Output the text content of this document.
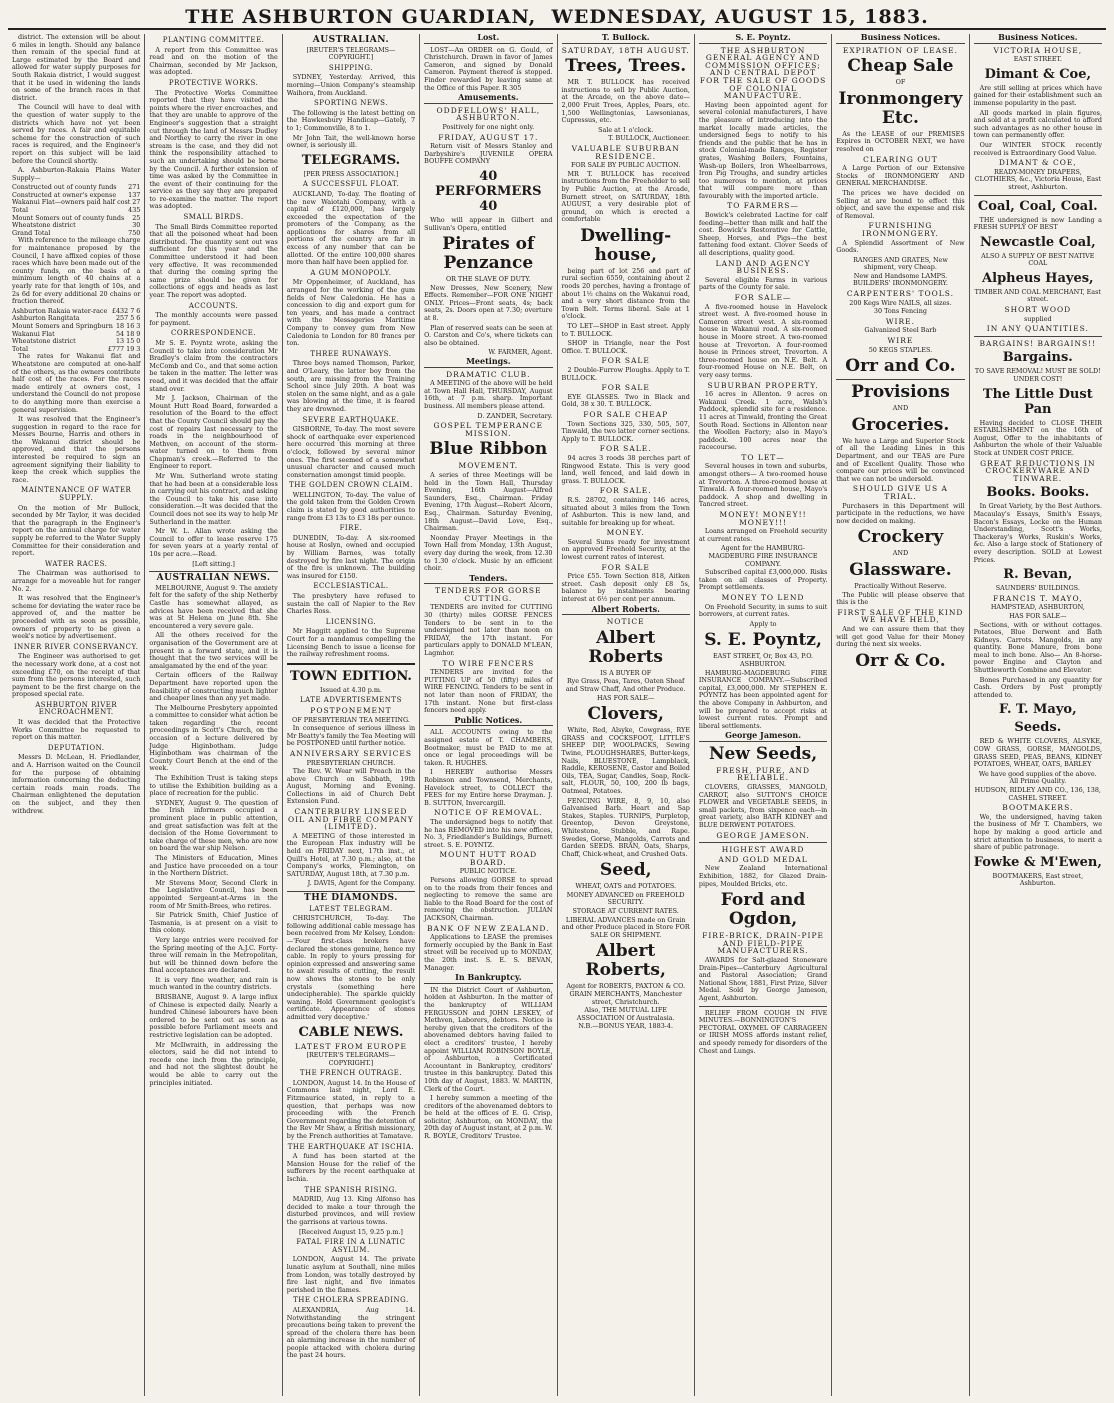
THE ASHBURTON GUARDIAN,
WEDNESDAY, AUGUST 15, 1883.

district. The extension will be about 6 miles in length. Should any balance then remain of the special fund at Large estimated by the Board and allowed for water supply purposes for South Rakaia district, I would suggest that it be used in widening the lands on some of the branch races in that district.

The Council will have to deal with the question of water supply to the districts which have not yet been served by races. A fair and equitable scheme for the construction of such races is required, and the Engineer's report on this subject will be laid before the Council shortly.

A. Ashburton-Rakaia Plains Water Supply—

Constructed out of county funds 271
Constructed at owner's expense 137
Wakanui Flat—owners paid half cost 27
Total	435
Mount Somers out of county funds 25
Wheatstone district	30
Grand Total	750

With reference to the mileage charge for maintenance proposed by the Council, I have affixed copies of those races which have been made out of the county funds, on the basis of a minimum length of 40 chains at a yearly rate for that length of 10s, and 2s 6d for every additional 20 chains or fraction thereof.

Ashburton Rakaia water-race £432 7 6
Ashburton Rangitata	257 5 6
Mount Somers and Springburn 18 16 3
Wakanui Flat	54 18 9
Wheatstone district	13 15 0
Total	£777 19 3

The rates for Wakanui flat and Wheatstone are computed at one-half of the others, as the owners contribute half cost of the races. For the races made entirely at owners cost, I understand the Council do not propose to do anything more than exercise a general supervision.

It was resolved that the Engineer's suggestion in regard to the race for Messrs Bourne, Harris and others in the Wakanui district should be approved, and that the persons interested be required to sign an agreement signifying their liability to keep the creek which supplies the race.

MAINTENANCE OF WATER SUPPLY.

On the motion of Mr Bullock, seconded by Mr Taylor, it was decided that the paragraph in the Engineer's report on the annual charge for water supply be referred to the Water Supply Committee for their consideration and report.

WATER RACES.

The Chairman was authorised to arrange for a moveable hut for ranger No. 2.

It was resolved that the Engineer's scheme for deviating the water race be approved of, and the matter be proceeded with as soon as possible, owners of property to be given a week's notice by advertisement.

INNER RIVER CONSERVANCY.

The Engineer was authorised to get the necessary work done, at a cost not exceeding £70, on the receipt of that sum from the persons interested, such payment to be the first charge on the proposed special rate.

ASHBURTON RIVER ENCROACHMENT.

It was decided that the Protective Works Committee be requested to report on this matter.

DEPUTATION.

Messrs D. McLean, H. Friedlander, and A. Harrison waited on the Council for the purpose of obtaining information concerning the deducting certain roads main roads. The Chairman enlightened the deputation on the subject, and they then withdrew.

PLANTING COMMITTEE.

A report from this Committee was read and on the motion of the Chairman, seconded by Mr Jackson, was adopted.

PROTECTIVE WORKS.

The Protective Works Committee reported that they have visited the points where the river encroaches, and that they are unable to approve of the Engineer's suggestion that a straight cut through the land of Messrs Dudley and Northey to carry the river in one stream is the case, and they did not think the responsibility attached to such an undertaking should be borne by the Council. A further extension of time was asked by the Committee in the event of their continuing for the service as they say they are prepared to re-examine the matter. The report was adopted.

SMALL BIRDS.

The Small Birds Committee reported that all the poisoned wheat had been distributed. The quantity sent out was sufficient for this year and the Committee understood it had been very effective. It was recommended that during the coming spring the same prize should be given for collections of eggs and heads as last year. The report was adopted.

ACCOUNTS.

The monthly accounts were passed for payment.

CORRESPONDENCE.

Mr S. E. Poyntz wrote, asking the Council to take into consideration Mr Bradley's claim from the contractors McComb and Co., and that some action be taken in the matter. The letter was read, and it was decided that the affair stand over.

Mr J. Jackson, Chairman of the Mount Hutt Road Board, forwarded a resolution of the Board to the effect that the County Council should pay the cost of repairs last necessary to the roads in the neighbourhood of Methven, on account of the storm-water turned on to them from Chapman's creek.—Referred to the Engineer to report.

Mr Wm. Sutherland wrote stating that he had been at a considerable loss in carrying out his contract, and asking the Council to take his case into consideration.—It was decided that the Council does not see its way to help Mr Sutherland in the matter.

Mr W. L. Allan wrote asking the Council to offer to lease reserve 175 for seven years at a yearly rental of 10s per acre.—Read.

[Left sitting.]
AUSTRALIAN NEWS.

MELBOURNE, August 9. The anxiety felt for the safety of the ship Netherby Castle has somewhat allayed, as advices have been received that she was at St Helena on June 8th. She encountered a very severe gale.

All the others received for the organisation of the Government are at present in a forward state, and it is thought that the two services will be amalgamated by the end of the year.

Certain officers of the Railway Department have reported upon the feasibility of constructing much lighter and cheaper lines than any yet made.

The Melbourne Presbytery appointed a committee to consider what action be taken regarding the recent proceedings in Scott's Church, on the occasion of a lecture delivered by Judge Higinbotham. Judge Higinbotham was chairman of the County Court Bench at the end of the week.

The Exhibition Trust is taking steps to utilise the Exhibition building as a place of recreation for the public.

SYDNEY, August 9. The question of the Irish informers occupied a prominent place in public attention, and great satisfaction was felt at the decision of the Home Government to take charge of these men, who are now on board the war ship Nelson.

The Ministers of Education, Mines and Justice have proceeded on a tour in the Northern District.

Mr Stevens Moor, Second Clerk in the Legislative Council, has been appointed Sergeant-at-Arms in the room of Mr Smith-Brees, who retires.

Sir Patrick Smith, Chief Justice of Tasmania, is at present on a visit to this colony.

Very large entries were received for the Spring meeting of the A.J.C. Forty-three will remain in the Metropolitan, but will be thinned down before the final acceptances are declared.

It is very fine weather, and rain is much wanted in the country districts.

BRISBANE, August 9. A large influx of Chinese is expected daily. Nearly a hundred Chinese labourers have been ordered to be sent out as soon as possible before Parliament meets and restrictive legislation can be adopted.

Mr McIlwraith, in addressing the electors, said he did not intend to recede one inch from the principle, and had not the slightest doubt he would be able to carry out the principles initiated.

AUSTRALIAN.
[REUTER'S TELEGRAMS—COPYRIGHT.]
SHIPPING.

SYDNEY, Yesterday. Arrived, this morning—Union Company's steamship Waihora, from Auckland.

SPORTING NEWS.

The following is the latest betting on the Hawkesbury Handicap—Gately, 7 to 1; Commonville, 8 to 1.

Mr John Tait, the well-known horse owner, is seriously ill.

TELEGRAMS.
[PER PRESS ASSOCIATION.]
A SUCCESSFUL FLOAT.

AUCKLAND, To-day. The floating of the new Waiotahi Company, with a capital of £120,000, has largely exceeded the expectation of the promoters of the Company, as the applications for shares from all portions of the country are far in excess of any number that can be allotted. Of the entire 100,000 shares more than half have been applied for.

A GUM MONOPOLY.

Mr Oppenheimer, of Auckland, has arranged for the working of the gum fields of New Caledonia. He has a concession to dig and export gum for ten years, and has made a contract with the Messageries Maritime Company to convey gum from New Caledonia to London for 80 francs per ton.

THREE RUNAWAYS.

Three boys named Thomson, Parker, and O'Leary, the latter boy from the south, are missing from the Training School since July 20th. A boat was stolen on the same night, and as a gale was blowing at the time, it is feared they are drowned.

SEVERE EARTHQUAKE.

GISBORNE, To-day. The most severe shock of earthquake ever experienced here occurred this morning at three o'clock, followed by several minor ones. The first seemed of a somewhat unusual character and caused much consternation amongst timid people.

THE GOLDEN CROWN CLAIM.

WELLINGTON, To-day. The value of the gold taken from the Golden Crown claim is stated by good authorities to range from £3 13s to £3 18s per ounce.

FIRE.

DUNEDIN, To-day. A six-roomed house at Roslyn, owned and occupied by William Barnes, was totally destroyed by fire last night. The origin of the fire is unknown. The building was insured for £150.

ECCLESIASTICAL.

The presbytery have refused to sustain the call of Napier to the Rev Charles Ross.

LICENSING.

Mr Haggitt applied to the Supreme Court for a mandamus compelling the Licensing Bench to issue a license for the railway refreshment rooms.

TOWN EDITION.
Issued at 4.30 p.m.
LATE ADVERTISEMENTS
POSTPONEMENT
OF PRESBYTERIAN TEA MEETING.

In consequence of serious illness in Mr Beatty's family the Tea Meeting will be POSTPONED until further notice.

ANNIVERSARY SERVICES
PRESBYTERIAN CHURCH.

The Rev. W. Wear will Preach in the above Church on Sabbath, 19th August, Morning and Evening. Collections in aid of Church Debt Extension Fund.

CANTERBURY LINSEED OIL AND FIBRE COMPANY (LIMITED).

A MEETING of those interested in the European Flax industry will be held on FRIDAY next, 17th inst., at Quill's Hotel, at 7.30 p.m.; also, at the Company's works, Flemington, on SATURDAY, August 18th, at 7.30 p.m.

J. DAVIS, Agent for the Company.
THE DIAMONDS.
LATEST TELEGRAM.

CHRISTCHURCH, To-day. The following additional cable message has been received from Mr Kelsey, London:—'Four first-class brokers have declared the stones genuine, hence my cable. In reply to yours pressing for opinion expressed and answering same to await results of cutting, the result now shows the stones to be only crystals (something here undecipherable). The sparkle quickly waning. Hold Government geologist's certificate. Appearance of stones admitted very deceptive.'

CABLE NEWS.
LATEST FROM EUROPE
[REUTER'S TELEGRAMS—COPYRIGHT.]
THE FRENCH OUTRAGE.

LONDON, August 14. In the House of Commons last night, Lord E. Fitzmaurice stated, in reply to a question, that perhaps was now proceeding with the French Government regarding the detention of the Rev Mr Shaw, a British missionary, by the French authorities at Tamatave.

THE EARTHQUAKE AT ISCHIA.

A fund has been started at the Mansion House for the relief of the sufferers by the recent earthquake at Ischia.

THE SPANISH RISING.

MADRID, Aug 13. King Alfonso has decided to make a tour through the disturbed provinces, and will review the garrisons at various towns.

[Received August 15, 9.25 p.m.]
FATAL FIRE IN A LUNATIC ASYLUM.

LONDON, August 14. The private lunatic asylum at Southall, nine miles from London, was totally destroyed by fire last night, and five inmates perished in the flames.

THE CHOLERA SPREADING.

ALEXANDRIA, Aug 14. Notwithstanding the stringent precautions being taken to prevent the spread of the cholera there has been an alarming increase in the number of people attacked with cholera during the past 24 hours.

Lost.

LOST—An ORDER on G. Gould, of Christchurch. Drawn in favor of James Cameron, and signed by Donald Cameron. Payment thereof is stopped. Finder rewarded by leaving same at the Office of this Paper. R 305

Amusements.
ODDFELLOWS' HALL, ASHBURTON.
Positively for one night only.
FRIDAY, AUGUST 17.

Return visit of Messrs Stanley and Darbyshire's JUVENILE OPERA BOUFFE COMPANY

40 PERFORMERS 40

Who will appear in Gilbert and Sullivan's Opera, entitled

Pirates of Penzance
OR THE SLAVE OF DUTY.

New Dresses, New Scenery, New Effects. Remember—FOR ONE NIGHT ONLY. Prices—Front seats, 4s; back seats, 2s. Doors open at 7.30; overture at 8.

Plan of reserved seats can be seen at O. Carston and Co's, where tickets can also be obtained.

W. FARMER, Agent.
Meetings.
DRAMATIC CLUB.

A MEETING of the above will be held at Town Hall Hall, THURSDAY, August 16th, at 7 p.m. sharp. Important business. All members please attend.

D. ZANDER, Secretary.
GOSPEL TEMPERANCE MISSION.
Blue Ribbon
MOVEMENT.

A series of three Meetings will be held in the Town Hall, Thursday Evening, 16th August—Alfred Saunders, Esq., Chairman. Friday Evening, 17th August—Robert Alcorn, Esq., Chairman. Saturday Evening, 18th August—David Love, Esq., Chairman.

Noonday Prayer Meetings in the Town Hall from Monday, 13th August, every day during the week, from 12.30 to 1.30 o'clock. Music by an efficient choir.

Tenders.
TENDERS FOR GORSE CUTTING.

TENDERS are invited for CUTTING 30 (thirty) miles GORSE FENCES Tenders to be sent in to the undersigned not later than noon on FRIDAY, the 17th instant. For particulars apply to DONALD M'LEAN, Lagmhor.

TO WIRE FENCERS

TENDERS are invited for the PUTTING UP of 50 (fifty) miles of WIRE FENCING. Tenders to be sent in not later than noon of FRIDAY, the 17th instant. None but first-class fencers need apply.

Public Notices.

ALL ACCOUNTS owing to the assigned estate of T. CHAMBERS, Bootmaker, must be PAID to me at once or legal proceedings will be taken. R. HUGHES.

I HEREBY authorise Messrs Robinson and Townsend, Merchants, Havelock street, to COLLECT the FEES for my Entire horse Drayman. J. B. SUTTON, Invercargill.

NOTICE OF REMOVAL.

The undersigned begs to notify that he has REMOVED into his new offices, No. 3, Friedlander's Buildings, Burnett street. S. E. POYNTZ.

MOUNT HUTT ROAD BOARD.
PUBLIC NOTICE.

Persons allowing GORSE to spread on to the roads from their fences and neglecting to remove the same are liable to the Road Board for the cost of removing the obstruction. JULIAN JACKSON, Chairman.

BANK OF NEW ZEALAND.

Applications to LEASE the premises formerly occupied by the Bank in East street will be received up to MONDAY, the 20th inst. S. E. S. BEVAN, Manager.

In Bankruptcy.

IN the District Court of Ashburton, holden at Ashburton. In the matter of the bankruptcy of WILLIAM FERGUSSON and JOHN LESKEY, of Methven, Laborers, debtors. Notice is hereby given that the creditors of the abovenamed debtors having failed to elect a creditors' trustee, I hereby appoint WILLIAM ROBINSON BOYLE, of Ashburton, a Certificated Accountant in Bankruptcy, creditors' trustee in this bankruptcy. Dated this 10th day of August, 1883. W. MARTIN, Clerk of the Court.

I hereby summon a meeting of the creditors of the abovenamed debtors to be held at the offices of E. G. Crisp, solicitor, Ashburton, on MONDAY, the 20th day of August instant, at 2 p.m. W. R. BOYLE, Creditors' Trustee.

T. Bullock.
SATURDAY, 18TH AUGUST.
Trees, Trees.

MR T. BULLOCK has received instructions to sell by Public Auction, at the Arcade, on the above date— 2,000 Fruit Trees, Apples, Pears, etc. 1,500 Wellingtonias, Lawsonianas, Cupressus, etc.

Sale at 1 o'clock.
T. BULLOCK, Auctioneer.
VALUABLE SUBURBAN RESIDENCE.
FOR SALE BY PUBLIC AUCTION.

MR T. BULLOCK has received instructions from the Freeholder to sell by Public Auction, at the Arcade, Burnett street, on SATURDAY, 18th AUGUST, a very desirable plot of ground, on which is erected a comfortable

Dwelling-house,

being part of lot 256 and part of rural section 6559, containing about 2 roods 20 perches, having a frontage of about 1½ chains on the Wakanui road, and a very short distance from the Town Belt. Terms liberal. Sale at 1 o'clock.

TO LET—SHOP in East street. Apply to T. BULLOCK.

SHOP in Triangle, near the Post Office. T. BULLOCK.

FOR SALE

2 Double-Furrow Ploughs. Apply to T. BULLOCK.

FOR SALE

EYE GLASSES. Two in Black and Gold, 38 x 30. T. BULLOCK.

FOR SALE CHEAP

Town Sections 325, 330, 505, 507, Tinwald, the two latter corner sections. Apply to T. BULLOCK.

FOR SALE.

94 acres 3 roods 38 perches part of Ringwood Estate. This is very good land, well fenced, and laid down in grass. T. BULLOCK.

FOR SALE.

R.S. 28702, containing 146 acres, situated about 3 miles from the Town of Ashburton. This is new land, and suitable for breaking up for wheat.

MONEY.

Several Sums ready for investment on approved Freehold Security, at the lowest current rates of interest.

FOR SALE

Price £55. Town Section 818, Aitken street. Cash deposit only £8 5s, balance by instalments bearing interest at 6½ per cent per annum.

Albert Roberts.
NOTICE
Albert Roberts
IS A BUYER OF
Rye Grass, Peas, Tares, Oaten Sheaf and Straw Chaff, And other Produce.
HAS FOR SALE—
Clovers,

White, Red, Alsyke, Cowgrass, RYE GRASS and COCKSFOOT, LITTLE'S SHEEP DIP, WOOLPACKS, Sewing Twine, PLOUGHSHARES, Butter-kegs, Nails, BLUESTONE, Lampblack, Raddle, KEROSENE, Castor and Boiled Oils, TEA, Sugar, Candles, Soap, Rock-salt, FLOUR, 50, 100, 200 lb bags, Oatmeal, Potatoes.

FENCING WIRE, 8, 9, 10, also Galvanised Barb. Heart and Sap Stakes, Staples. TURNIPS, Purpletop, Greentop, Devon Greystone, Whitestone, Stubble, and Rape. Swedes, Gorse, Mangolds, Carrots and Garden SEEDS. BRAN, Oats, Sharps, Chaff, Chick-wheat, and Crushed Oats.

Seed,
WHEAT, OATS and POTATOES.
MONEY ADVANCED on FREEHOLD SECURITY.
STORAGE AT CURRENT RATES.
LIBERAL ADVANCES made on Grain and other Produce placed in Store FOR SALE OR SHIPMENT.
Albert Roberts,
Agent for ROBERTS, PAXTON & CO. GRAIN MERCHANTS, Manchester street, Christchurch.
Also, THE MUTUAL LIFE ASSOCIATION Of Australasia.
N.B.—BONUS YEAR, 1883-4.
S. E. Poyntz.
THE ASHBURTON GENERAL AGENCY AND COMMISSION OFFICES; AND CENTRAL DEPOT FOR THE SALE OF GOODS OF COLONIAL MANUFACTURE.

Having been appointed agent for several colonial manufacturers, I have the pleasure of introducing into the market locally made articles, the undersigned begs to notify to his friends and the public that he has in stock Colonial-made Ranges, Register grates, Washing Boilers, Fountains, Wash-up Boilers, Iron Wheelbarrows, Iron Pig Troughs, and sundry articles too numerous to mention, at prices that will compare more than favourably with the imported article.

TO FARMERS—

Bowick's celebrated Lactine for calf feeding—better than milk and half the cost. Bowick's Restorative for Cattle, Sheep, Horses, and Pigs—the best fattening food extant. Clover Seeds of all descriptions, quality good.

LAND AND AGENCY BUSINESS.

Several eligible Farms in various parts of the County for sale.

FOR SALE—

A five-roomed house in Havelock street west. A five-roomed house in Cameron street west. A six-roomed house in Wakanui road. A six-roomed house in Moore street. A two-roomed house at Trevorton. A four-roomed house in Princes street, Trevorton. A three-roomed house on N.E. Belt. A four-roomed House on N.E. Belt, on very easy terms.

SUBURBAN PROPERTY.

16 acres in Allenton. 9 acres on Wakanui Creek. 1 acre, Walsh's Paddock, splendid site for a residence. 11 acres at Tinwald, fronting the Great South Road. Sections in Allenton near the Woollen Factory; also in Mayo's paddock. 100 acres near the racecourse.

TO LET—

Several houses in town and suburbs, amongst others— A two-roomed house at Trevorton. A three-roomed house at Tinwald. A four-roomed house, Mayo's paddock. A shop and dwelling in Tancred street.

MONEY! MONEY!! MONEY!!!

Loans arranged on Freehold security at current rates.

Agent for the HAMBURG-MAGDEBURG FIRE INSURANCE COMPANY.

Subscribed capital £3,000,000. Risks taken on all classes of Property. Prompt settlements.

MONEY TO LEND

On Freehold Security, in sums to suit borrowers, at current rates.

Apply to
S. E. Poyntz,
EAST STREET, Or, Box 43, P.O. ASHBURTON.

HAMBURG-MAGDEBURG FIRE INSURANCE COMPANY.—Subscribed capital, £3,000,000. Mr STEPHEN E. POYNTZ has been appointed agent for the above Company in Ashburton, and will be prepared to accept risks at lowest current rates. Prompt and liberal settlements.

George Jameson.
New Seeds,
FRESH, PURE, AND RELIABLE.

CLOVERS, GRASSES, MANGOLD, CARROT, also SUTTON'S CHOICE FLOWER and VEGETABLE SEEDS, in small packets, from sixpence each—in great variety, also BATH KIDNEY and BLUE DERWENT POTATOES.

GEORGE JAMESON.
HIGHEST AWARD
AND GOLD MEDAL

New Zealand International Exhibition, 1882, for Glazed Drain-pipes, Moulded Bricks, etc.

Ford and Ogdon,
FIRE-BRICK, DRAIN-PIPE AND FIELD-PIPE MANUFACTURERS.

AWARDS for Salt-glazed Stoneware Drain-Pipes—Canterbury Agricultural and Pastoral Association; Grand National Show, 1881, First Prize, Silver Medal. Sold by George Jameson, Agent, Ashburton.

RELIEF FROM COUGH IN FIVE MINUTES.—BONNINGTON'S PECTORAL OXYMEL OF CARRAGEEN or IRISH MOSS affords instant relief, and speedy remedy for disorders of the Chest and Lungs.

Business Notices.
EXPIRATION OF LEASE.
Cheap Sale
OF
Ironmongery Etc.

As the LEASE of our PREMISES Expires in OCTOBER NEXT, we have resolved on

CLEARING OUT

A Large Portion of our Extensive Stocks of IRONMONGERY AND GENERAL MERCHANDISE.

The prices we have decided on Selling at are bound to effect this object, and save the expense and risk of Removal.

FURNISHING IRONMONGERY.

A Splendid Assortment of New Goods.

RANGES AND GRATES, New shipment, very Cheap.
New and Handsome LAMPS. BUILDERS' IRONMONGERY.
CARPENTERS' TOOLS.
200 Kegs Wire NAILS, all sizes.
30 Tons Fencing
WIRE.
Galvanized Steel Barb
WIRE
50 KEGS STAPLES.
Orr and Co.
Provisions
AND
Groceries.

We have a Large and Superior Stock of all the Leading Lines in this Department, and our TEAS are Pure and of Excellent Quality. Those who compare our prices will be convinced that we can not be undersold.

SHOULD GIVE US A TRIAL.

Purchasers in this Department will participate in the reductions, we have now decided on making.

Crockery
AND
Glassware.
Practically Without Reserve.

The Public will please observe that this is the

FIRST SALE OF THE KIND WE HAVE HELD,

And we can assure them that they will get good Value for their Money during the next six weeks.

Orr & Co.
Business Notices.
VICTORIA HOUSE,
EAST STREET.
Dimant & Coe,

Are still selling at prices which have gained for their establishment such an immense popularity in the past.

All goods marked in plain figures, and sold at a profit calculated to afford such advantages as no other house in town can permanently offer.

Our WINTER STOCK recently received is Extraordinary Good Value.

DIMANT & COE,
READY-MONEY DRAPERS, CLOTHIERS, &c., Victoria House, East street, Ashburton.
Coal, Coal, Coal.

THE undersigned is now Landing a FRESH SUPPLY OF BEST

Newcastle Coal,
ALSO A SUPPLY OF BEST NATIVE COAL
Alpheus Hayes,
TIMBER AND COAL MERCHANT, East street.
SHORT WOOD
supplied
IN ANY QUANTITIES.
BARGAINS! BARGAINS!!
Bargains.
TO SAVE REMOVAL! MUST BE SOLD! UNDER COST!
The Little Dust Pan

Having decided to CLOSE THEIR ESTABLISHMENT on the 16th of August, Offer to the inhabitants of Ashburton the whole of their Valuable Stock at UNDER COST PRICE.

GREAT REDUCTIONS IN CROCKERYWARE AND TINWARE.
Books. Books.

In Great Variety, by the Best Authors. Macaulay's Essays, Smith's Essays, Bacon's Essays, Locke on the Human Understanding, Scott's Works, Thackeray's Works, Ruskin's Works, &c. Also a large stock of Stationery of every description. SOLD at Lowest Prices.

R. Bevan,
SAUNDERS' BUILDINGS.
FRANCIS T. MAYO,
HAMPSTEAD, ASHBURTON,
HAS FOR SALE—

Sections, with or without cottages. Potatoes, Blue Derwent and Bath Kidneys. Carrots. Mangolds, in any quantity. Bone Manure, from bone meal to inch bone. Also— An 8-horse-power Engine and Clayton and Shuttleworth Combine and Elevator.

Bones Purchased in any quantity for Cash. Orders by Post promptly attended to.

F. T. Mayo,
Seeds.

RED & WHITE CLOVERS, ALSYKE, COW GRASS, GORSE, MANGOLDS, GRASS SEED, PEAS, BEANS, KIDNEY POTATOES, WHEAT, OATS, BARLEY

We have good supplies of the above. All Prime Quality.
HUDSON, RIDLEY AND CO., 136, 138, CASHEL STREET.
BOOTMAKERS.

We, the undersigned, having taken the business of Mr T. Chambers, we hope by making a good article and strict attention to business, to merit a share of public patronage.

Fowke & M'Ewen,
BOOTMAKERS, East street, Ashburton.
